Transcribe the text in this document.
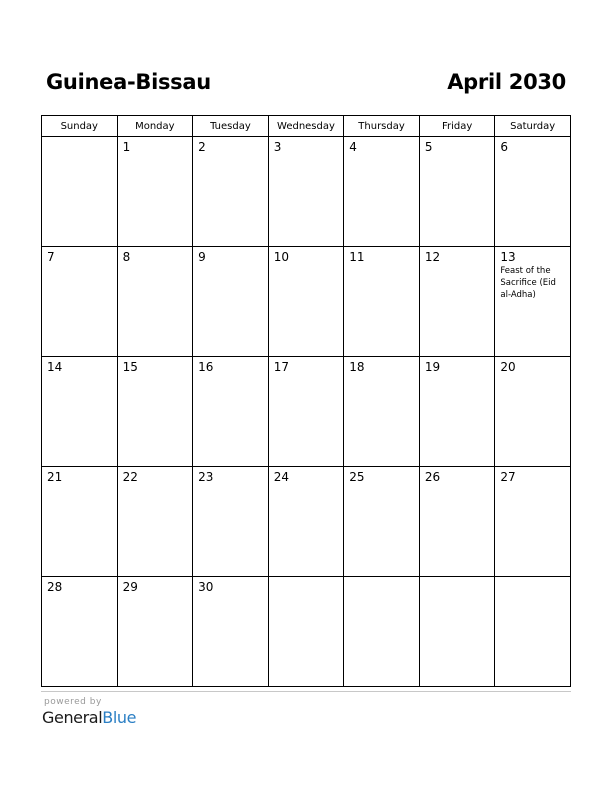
Guinea-Bissau	April 2030
Sunday	Monday	Tuesday	Wednesday	Thursday	Friday	Saturday

	1	2	3	4	5	6

7	8	9	10	11	12	13
Feast of the Sacrifice (Eid al-Adha)

14	15	16	17	18	19	20

21	22	23	24	25	26	27

28	29	30				

powered by
GeneralBlue
